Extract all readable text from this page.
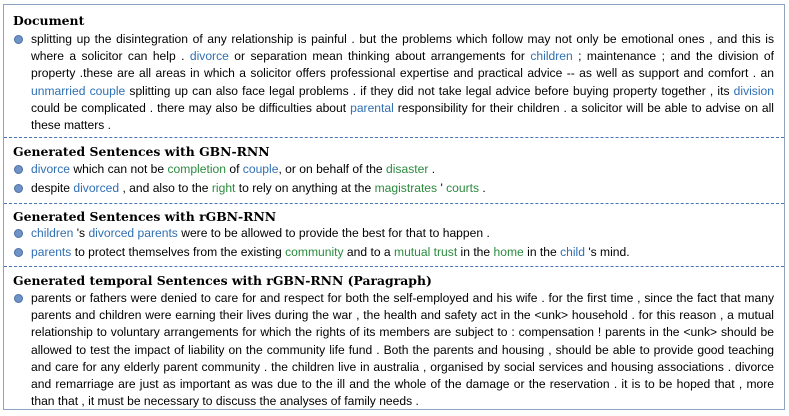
Document
splitting up the disintegration of any relationship is painful . but the problems which follow may not only be emotional ones , and this is where a solicitor can help . divorce or separation mean thinking about arrangements for children ; maintenance ; and the division of property .these are all areas in which a solicitor offers professional expertise and practical advice -- as well as support and comfort . an unmarried couple splitting up can also face legal problems . if they did not take legal advice before buying property together , its division could be complicated . there may also be difficulties about parental responsibility for their children . a solicitor will be able to advise on all these matters .
Generated Sentences with GBN-RNN
divorce which can not be completion of couple, or on behalf of the disaster .
despite divorced , and also to the right to rely on anything at the magistrates ' courts .
Generated Sentences with rGBN-RNN
children 's divorced parents were to be allowed to provide the best for that to happen .
parents to protect themselves from the existing community and to a mutual trust in the home in the child 's mind.
Generated temporal Sentences with rGBN-RNN (Paragraph)
parents or fathers were denied to care for and respect for both the self-employed and his wife . for the first time , since the fact that many parents and children were earning their lives during the war , the health and safety act in the <unk> household . for this reason , a mutual relationship to voluntary arrangements for which the rights of its members are subject to : compensation ! parents in the <unk> should be allowed to test the impact of liability on the community life fund . Both the parents and housing , should be able to provide good teaching and care for any elderly parent community . the children live in australia , organised by social services and housing associations . divorce and remarriage are just as important as was due to the ill and the whole of the damage or the reservation . it is to be hoped that , more than that , it must be necessary to discuss the analyses of family needs .
